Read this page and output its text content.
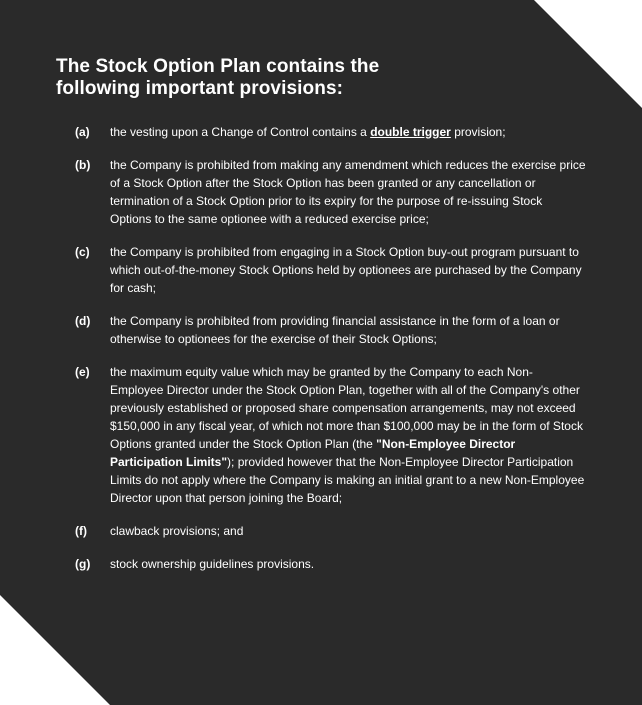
The Stock Option Plan contains the
following important provisions:
(a)	the vesting upon a Change of Control contains a double trigger provision;
(b)	the Company is prohibited from making any amendment which reduces the exercise price of a Stock Option after the Stock Option has been granted or any cancellation or termination of a Stock Option prior to its expiry for the purpose of re-issuing Stock Options to the same optionee with a reduced exercise price;
(c)	the Company is prohibited from engaging in a Stock Option buy-out program pursuant to which out-of-the-money Stock Options held by optionees are purchased by the Company for cash;
(d)	the Company is prohibited from providing financial assistance in the form of a loan or otherwise to optionees for the exercise of their Stock Options;
(e)	the maximum equity value which may be granted by the Company to each Non-Employee Director under the Stock Option Plan, together with all of the Company's other previously established or proposed share compensation arrangements, may not exceed $150,000 in any fiscal year, of which not more than $100,000 may be in the form of Stock Options granted under the Stock Option Plan (the "Non-Employee Director Participation Limits"); provided however that the Non-Employee Director Participation Limits do not apply where the Company is making an initial grant to a new Non-Employee Director upon that person joining the Board;
(f)	clawback provisions; and
(g)	stock ownership guidelines provisions.
